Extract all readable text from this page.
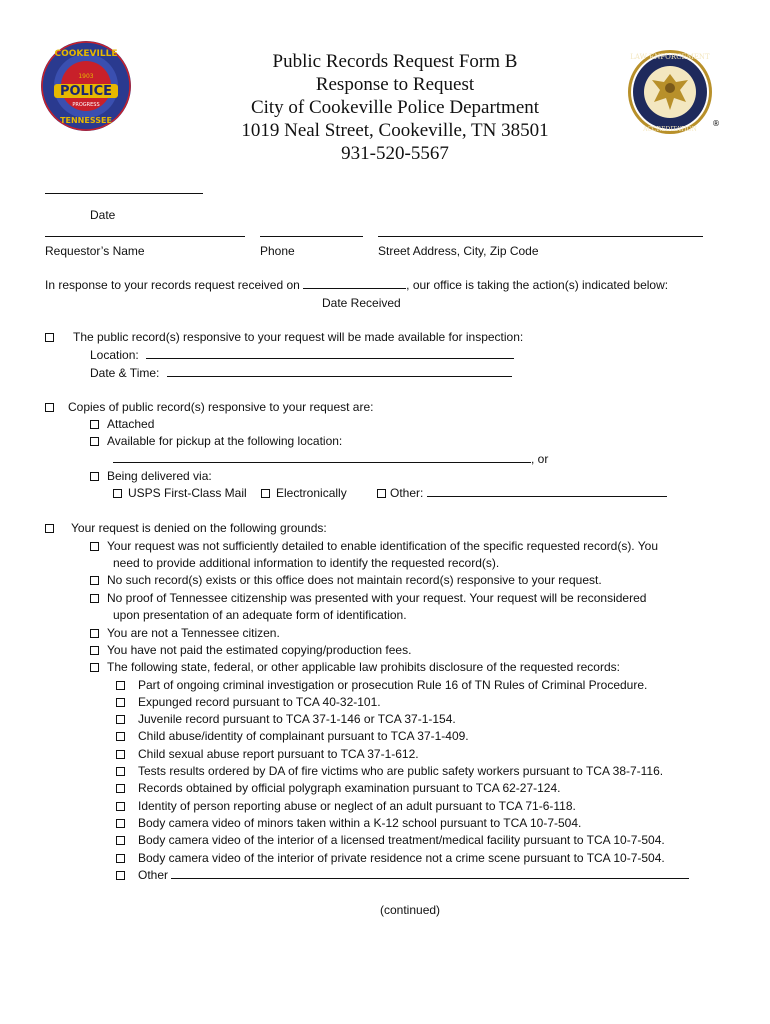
POLICE
COOKEVILLE
1903
PROGRESS
TENNESSEE
Public Records Request Form B
Response to Request
City of Cookeville Police Department
1019 Neal Street, Cookeville, TN 38501
931-520-5567
LAW ENFORCEMENT
ACCREDITATION
®
Date
Requestor’s Name	Phone	Street Address, City, Zip Code
In response to your records request received on	, our office is taking the action(s) indicated below:
Date Received
The public record(s) responsive to your request will be made available for inspection:
Location:
Date & Time:
Copies of public record(s) responsive to your request are:
Attached
Available for pickup at the following location:
, or
Being delivered via:
USPS First-Class Mail	Electronically	Other:
Your request is denied on the following grounds:
Your request was not sufficiently detailed to enable identification of the specific requested record(s). You
need to provide additional information to identify the requested record(s).
No such record(s) exists or this office does not maintain record(s) responsive to your request.
No proof of Tennessee citizenship was presented with your request. Your request will be reconsidered
upon presentation of an adequate form of identification.
You are not a Tennessee citizen.
You have not paid the estimated copying/production fees.
The following state, federal, or other applicable law prohibits disclosure of the requested records:
Part of ongoing criminal investigation or prosecution Rule 16 of TN Rules of Criminal Procedure.
Expunged record pursuant to TCA 40-32-101.
Juvenile record pursuant to TCA 37-1-146 or TCA 37-1-154.
Child abuse/identity of complainant pursuant to TCA 37-1-409.
Child sexual abuse report pursuant to TCA 37-1-612.
Tests results ordered by DA of fire victims who are public safety workers pursuant to TCA 38-7-116.
Records obtained by official polygraph examination pursuant to TCA 62-27-124.
Identity of person reporting abuse or neglect of an adult pursuant to TCA 71-6-118.
Body camera video of minors taken within a K-12 school pursuant to TCA 10-7-504.
Body camera video of the interior of a licensed treatment/medical facility pursuant to TCA 10-7-504.
Body camera video of the interior of private residence not a crime scene pursuant to TCA 10-7-504.
Other
(continued)
